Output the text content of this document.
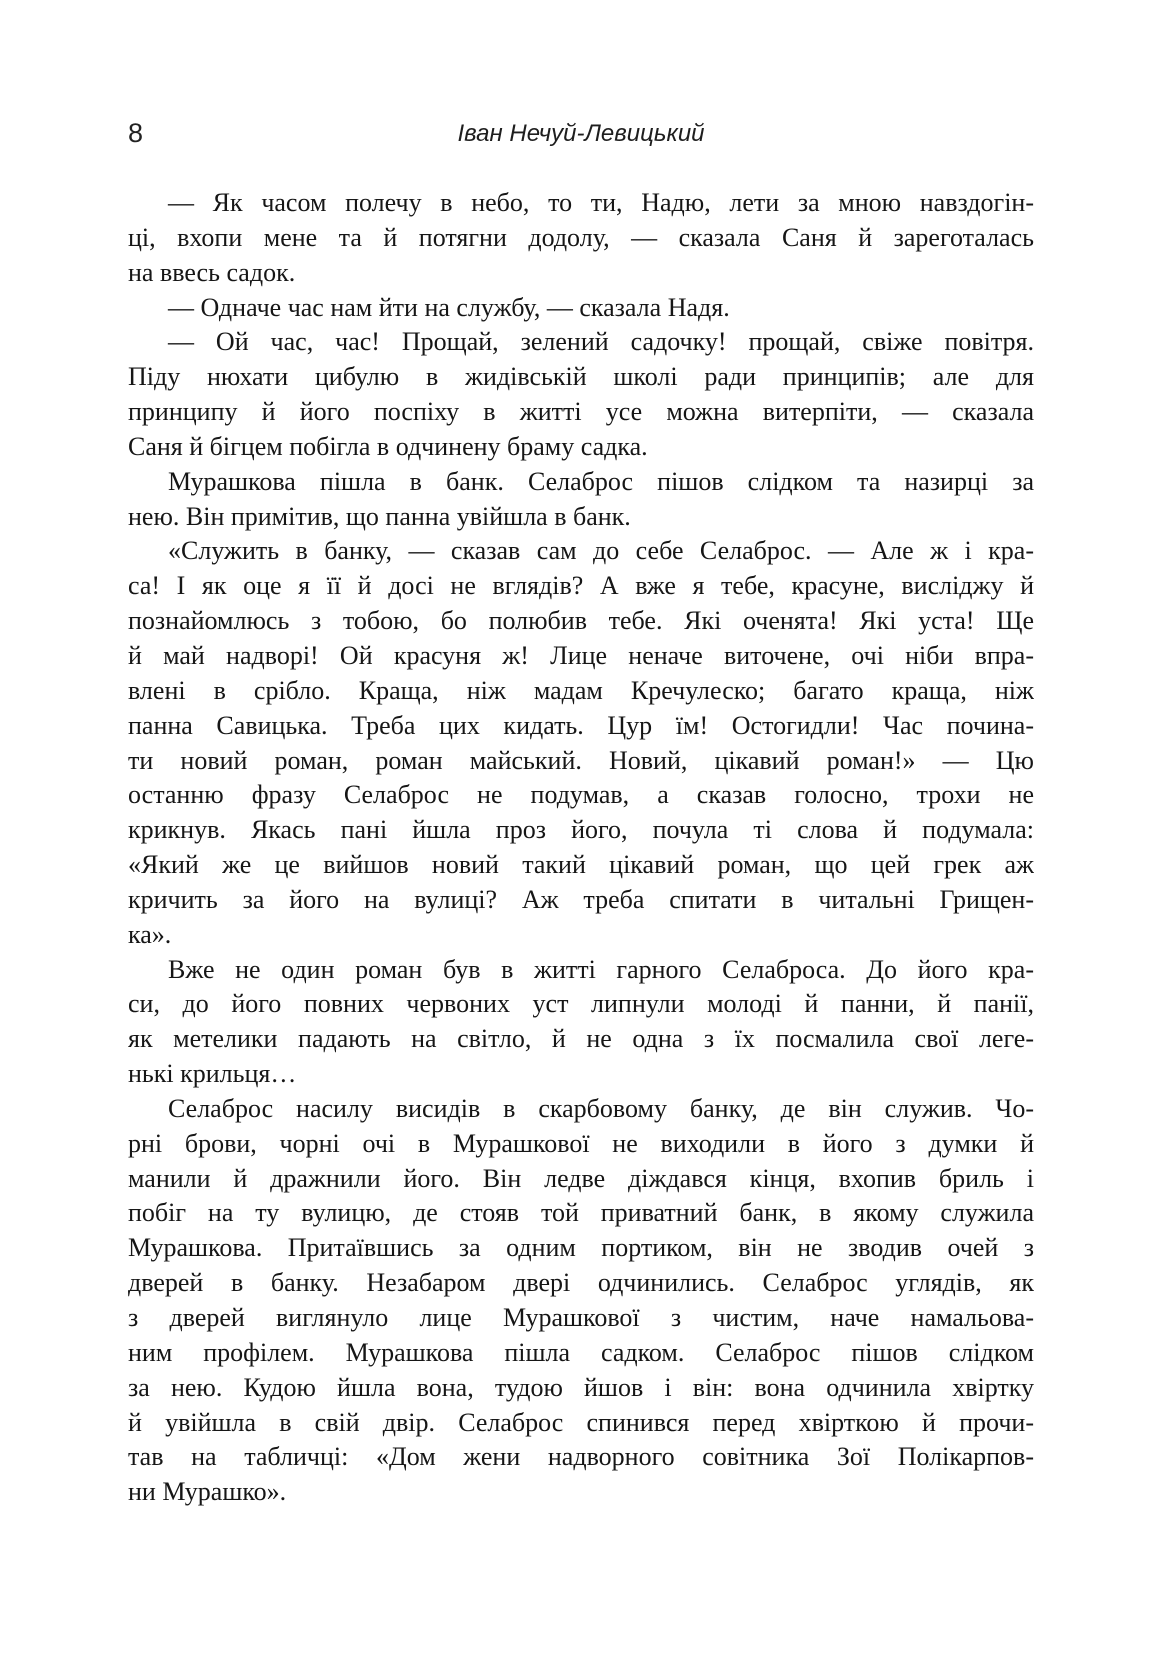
8	Іван Нечуй-Левицький
— Як часом полечу в небо, то ти, Надю, лети за мною навздогін-
ці, вхопи мене та й потягни додолу, — сказала Саня й зареготалась
на ввесь садок.
— Одначе час нам йти на службу, — сказала Надя.
— Ой час, час! Прощай, зелений садочку! прощай, свіже повітря.
Піду нюхати цибулю в жидівській школі ради принципів; але для
принципу й його поспіху в житті усе можна витерпіти, — сказала
Саня й бігцем побігла в одчинену браму садка.
Мурашкова пішла в банк. Селаброс пішов слідком та назирці за
нею. Він примітив, що панна увійшла в банк.
«Служить в банку, — сказав сам до себе Селаброс. — Але ж і кра-
са! І як оце я її й досі не вглядів? А вже я тебе, красуне, висліджу й
познайомлюсь з тобою, бо полюбив тебе. Які оченята! Які уста! Ще
й май надворі! Ой красуня ж! Лице неначе виточене, очі ніби впра-
влені в срібло. Краща, ніж мадам Кречулеско; багато краща, ніж
панна Савицька. Треба цих кидать. Цур їм! Остогидли! Час почина-
ти новий роман, роман майський. Новий, цікавий роман!» — Цю
останню фразу Селаброс не подумав, а сказав голосно, трохи не
крикнув. Якась пані йшла проз його, почула ті слова й подумала:
«Який же це вийшов новий такий цікавий роман, що цей грек аж
кричить за його на вулиці? Аж треба спитати в читальні Грищен-
ка».
Вже не один роман був в житті гарного Селаброса. До його кра-
си, до його повних червоних уст липнули молоді й панни, й панії,
як метелики падають на світло, й не одна з їх посмалила свої леге-
нькі крильця…
Селаброс насилу висидів в скарбовому банку, де він служив. Чо-
рні брови, чорні очі в Мурашкової не виходили в його з думки й
манили й дражнили його. Він ледве діждався кінця, вхопив бриль і
побіг на ту вулицю, де стояв той приватний банк, в якому служила
Мурашкова. Притаївшись за одним портиком, він не зводив очей з
дверей в банку. Незабаром двері одчинились. Селаброс углядів, як
з дверей виглянуло лице Мурашкової з чистим, наче намальова-
ним профілем. Мурашкова пішла садком. Селаброс пішов слідком
за нею. Кудою йшла вона, тудою йшов і він: вона одчинила хвіртку
й увійшла в свій двір. Селаброс спинився перед хвірткою й прочи-
тав на табличці: «Дом жени надворного совітника Зої Полікарпов-
ни Мурашко».
